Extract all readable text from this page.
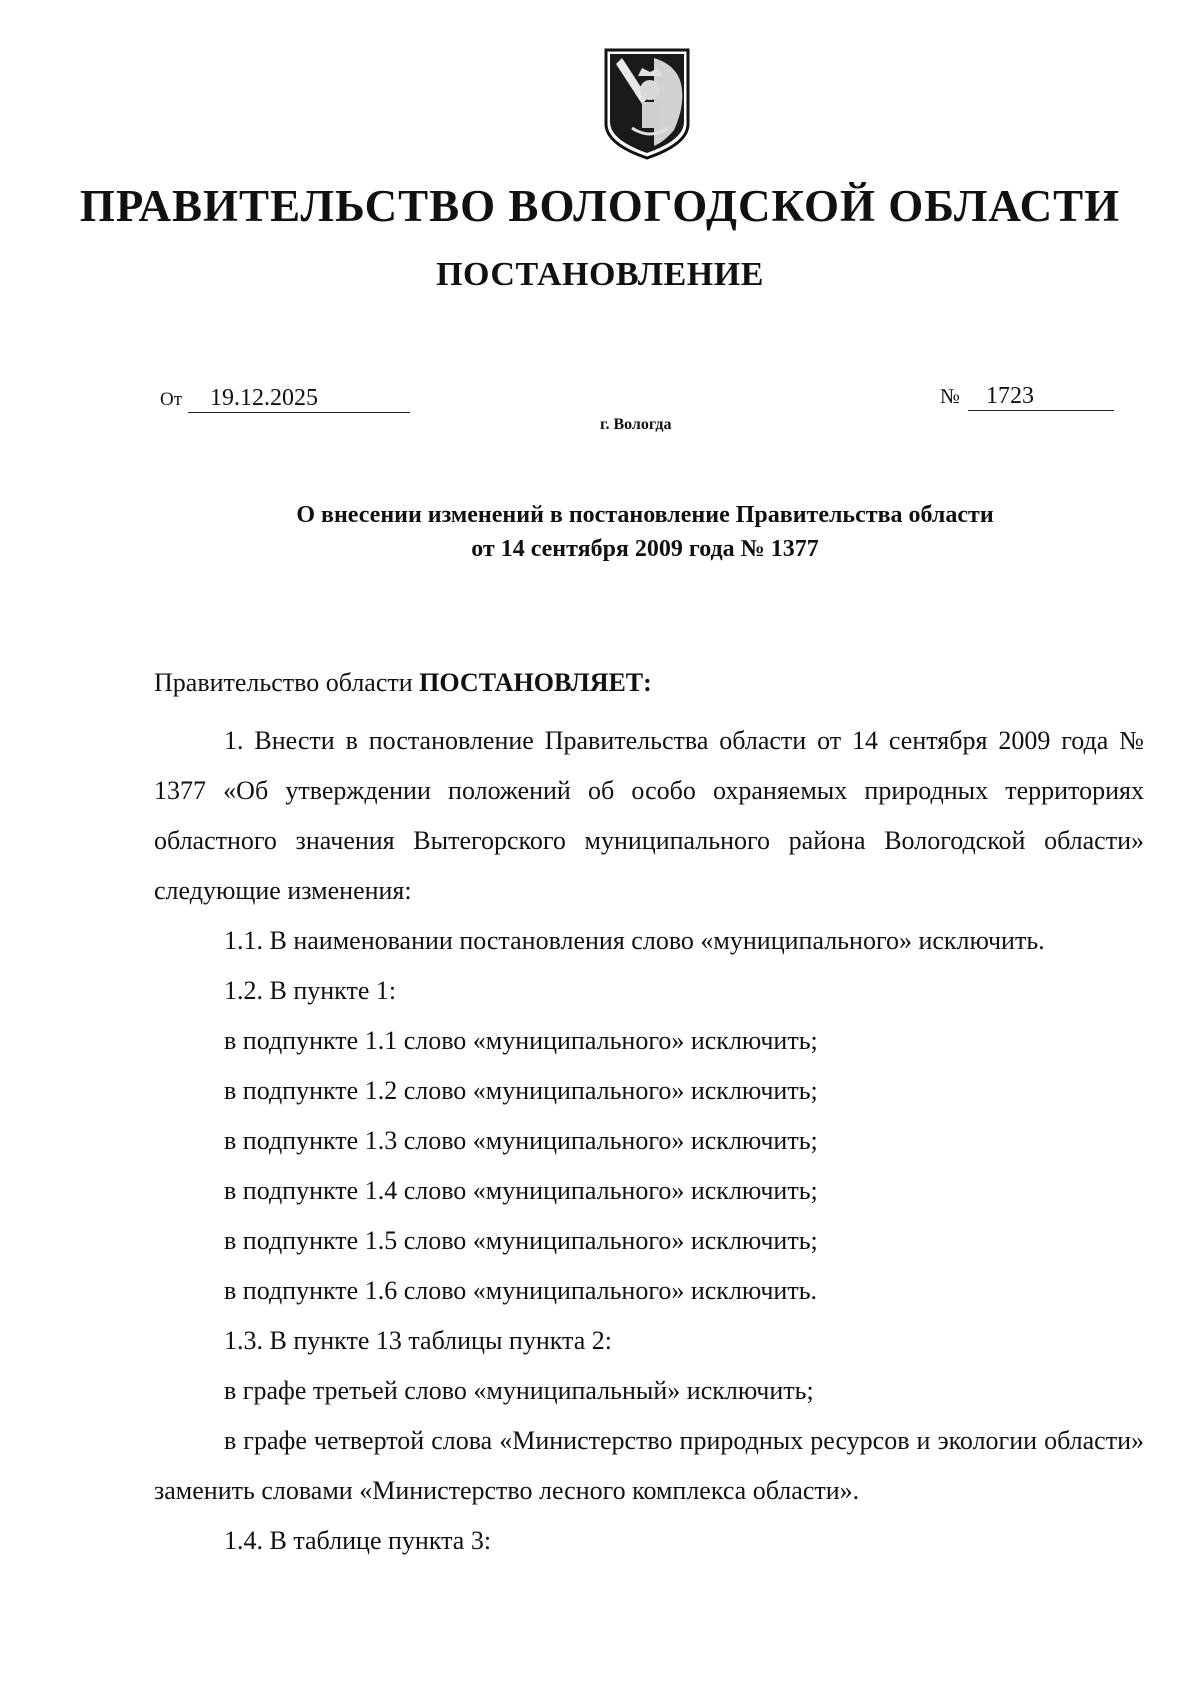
ПРАВИТЕЛЬСТВО ВОЛОГОДСКОЙ ОБЛАСТИ
ПОСТАНОВЛЕНИЕ
От 19.12.2025	№ 1723
г. Вологда
О внесении изменений в постановление Правительства области
от 14 сентября 2009 года № 1377

Правительство области ПОСТАНОВЛЯЕТ:

1. Внести в постановление Правительства области от 14 сентября 2009 года № 1377 «Об утверждении положений об особо охраняемых природных территориях областного значения Вытегорского муниципального района Вологодской области» следующие изменения:

1.1. В наименовании постановления слово «муниципального» исключить.

1.2. В пункте 1:

в подпункте 1.1 слово «муниципального» исключить;

в подпункте 1.2 слово «муниципального» исключить;

в подпункте 1.3 слово «муниципального» исключить;

в подпункте 1.4 слово «муниципального» исключить;

в подпункте 1.5 слово «муниципального» исключить;

в подпункте 1.6 слово «муниципального» исключить.

1.3. В пункте 13 таблицы пункта 2:

в графе третьей слово «муниципальный» исключить;

в графе четвертой слова «Министерство природных ресурсов и экологии области» заменить словами «Министерство лесного комплекса области».

1.4. В таблице пункта 3:
